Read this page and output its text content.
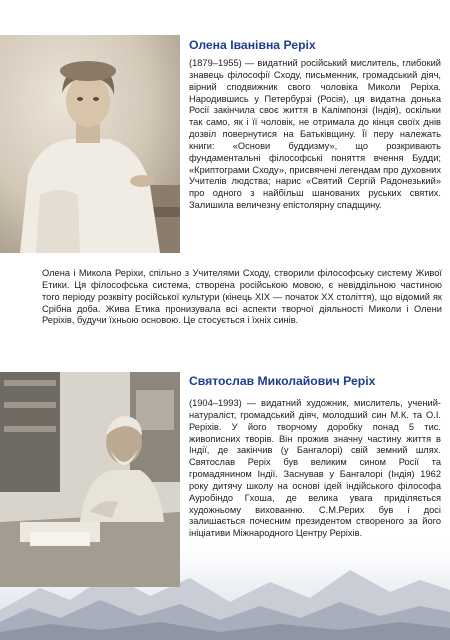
Олена Іванівна Реріх

(1879–1955) — видатний російський мислитель, глибокий знавець філософії Сходу, письменник, громадський діяч, вірний сподвижник свого чоловіка Миколи Реріха. Народившись у Петербурзі (Росія), ця видатна донька Росії закінчила своє життя в Калімпонзі (Індія), оскільки так само, як і її чоловік, не отримала до кінця своїх днів дозвіл повернутися на Батьківщину. Її перу належать книги: «Основи буддизму», що розкривають фундаментальні філософські поняття вчення Будди; «Криптограми Сходу», присвячені легендам про духовних Учителів людства; нарис «Святий Сергій Радонезький» про одного з найбільш шанованих руських святих. Залишила величезну епістолярну спадщину.

Олена і Микола Реріхи, спільно з Учителями Сходу, створили філософську систему Живої Етики. Ця філософська система, створена російською мовою, є невіддільною частиною того періоду розквіту російської культури (кінець XIX — початок XX століття), що відомий як Срібна доба. Жива Етика пронизувала всі аспекти творчої діяльності Миколи і Олени Реріхів, будучи їхньою основою. Це стосується і їхніх синів.

Святослав Миколайович Реріх

(1904–1993) — видатний художник, мислитель, учений-натураліст, громадський діяч, молодший син М.К. та О.І. Реріхів. У його творчому доробку понад 5 тис. живописних творів. Він прожив значну частину життя в Індії, де закінчив (у Бангалорі) свій земний шлях. Святослав Реріх був великим сином Росії та громадянином Індії. Заснував у Бангалорі (Індія) 1962 року дитячу школу на основі ідей індійського філософа Ауробіндо Гхоша, де велика увага приділяється художньому вихованню. С.М.Рерих був і досі залишається почесним президентом створеного за його ініціативи Міжнародного Центру Реріхів.
